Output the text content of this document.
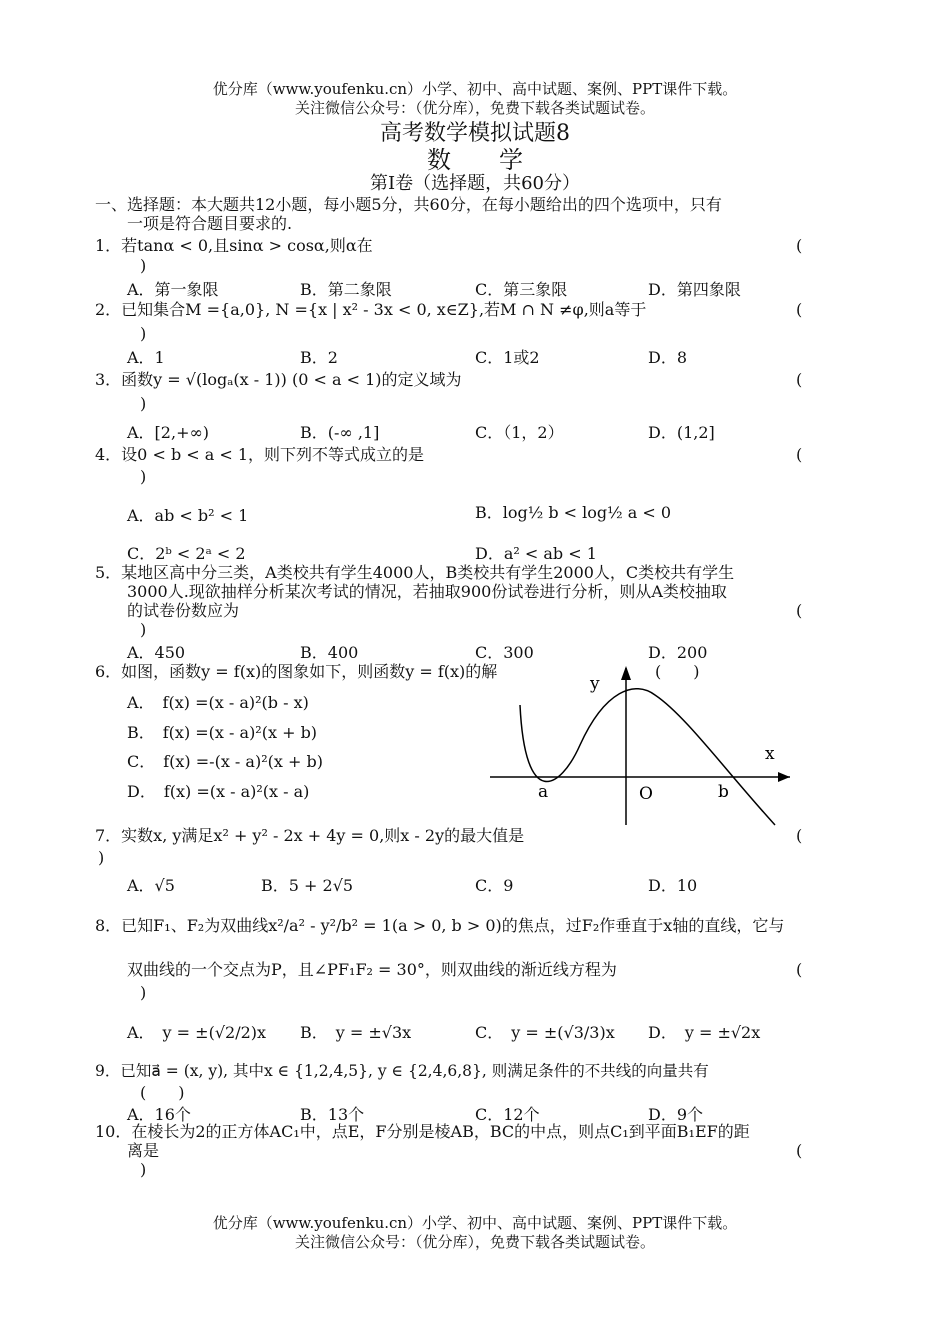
优分库（www.youfenku.cn）小学、初中、高中试题、案例、PPT课件下载。
关注微信公众号：（优分库），免费下载各类试题试卷。
高考数学模拟试题8
数　　学
第Ⅰ卷（选择题，共60分）
一、选择题：本大题共12小题，每小题5分，共60分，在每小题给出的四个选项中，只有
一项是符合题目要求的.
1．若tanα < 0,且sinα > cosα,则α在	(
)
A．第一象限	B．第二象限	C．第三象限	D．第四象限
2．已知集合M ={a,0}, N ={x | x² - 3x < 0, x∈Z},若M ∩ N ≠φ,则a等于	(
)
A．1	B．2	C．1或2	D．8
3．函数y = √(logₐ(x - 1)) (0 < a < 1)的定义域为	(
)
A．[2,+∞)	B．(-∞ ,1]	C．（1，2）	D．(1,2]
4．设0 < b < a < 1，则下列不等式成立的是	(
)
A．ab < b² < 1	B．log½ b < log½ a < 0
C．2ᵇ < 2ᵃ < 2	D．a² < ab < 1
5．某地区高中分三类，A类校共有学生4000人，B类校共有学生2000人，C类校共有学生
3000人.现欲抽样分析某次考试的情况，若抽取900份试卷进行分析，则从A类校抽取
的试卷份数应为	(
)
A．450	B．400	C．300	D．200
6．如图，函数y = f(x)的图象如下，则函数y = f(x)的解	(　　)
A．　f(x) =(x - a)²(b - x)
B．　f(x) =(x - a)²(x + b)
C．　f(x) =-(x - a)²(x + b)
D．　f(x) =(x - a)²(x - a)
y
x
a	O	b
7．实数x, y满足x² + y² - 2x + 4y = 0,则x - 2y的最大值是	(
)
A．√5	B．5 + 2√5	C．9	D．10
8．已知F₁、F₂为双曲线x²/a² - y²/b² = 1(a > 0, b > 0)的焦点，过F₂作垂直于x轴的直线，它与
双曲线的一个交点为P，且∠PF₁F₂ = 30°，则双曲线的渐近线方程为	(
)
A．　y = ±(√2/2)x B．　y = ±√3x	C．　y = ±(√3/3)x D．　y = ±√2x
9．已知a⃗ = (x, y), 其中x ∈ {1,2,4,5}, y ∈ {2,4,6,8}, 则满足条件的不共线的向量共有
(　　)
A．16个	B．13个	C．12个	D．9个
10．在棱长为2的正方体AC₁中，点E，F分别是棱AB，BC的中点，则点C₁到平面B₁EF的距
离是	(
)
优分库（www.youfenku.cn）小学、初中、高中试题、案例、PPT课件下载。
关注微信公众号：（优分库），免费下载各类试题试卷。
